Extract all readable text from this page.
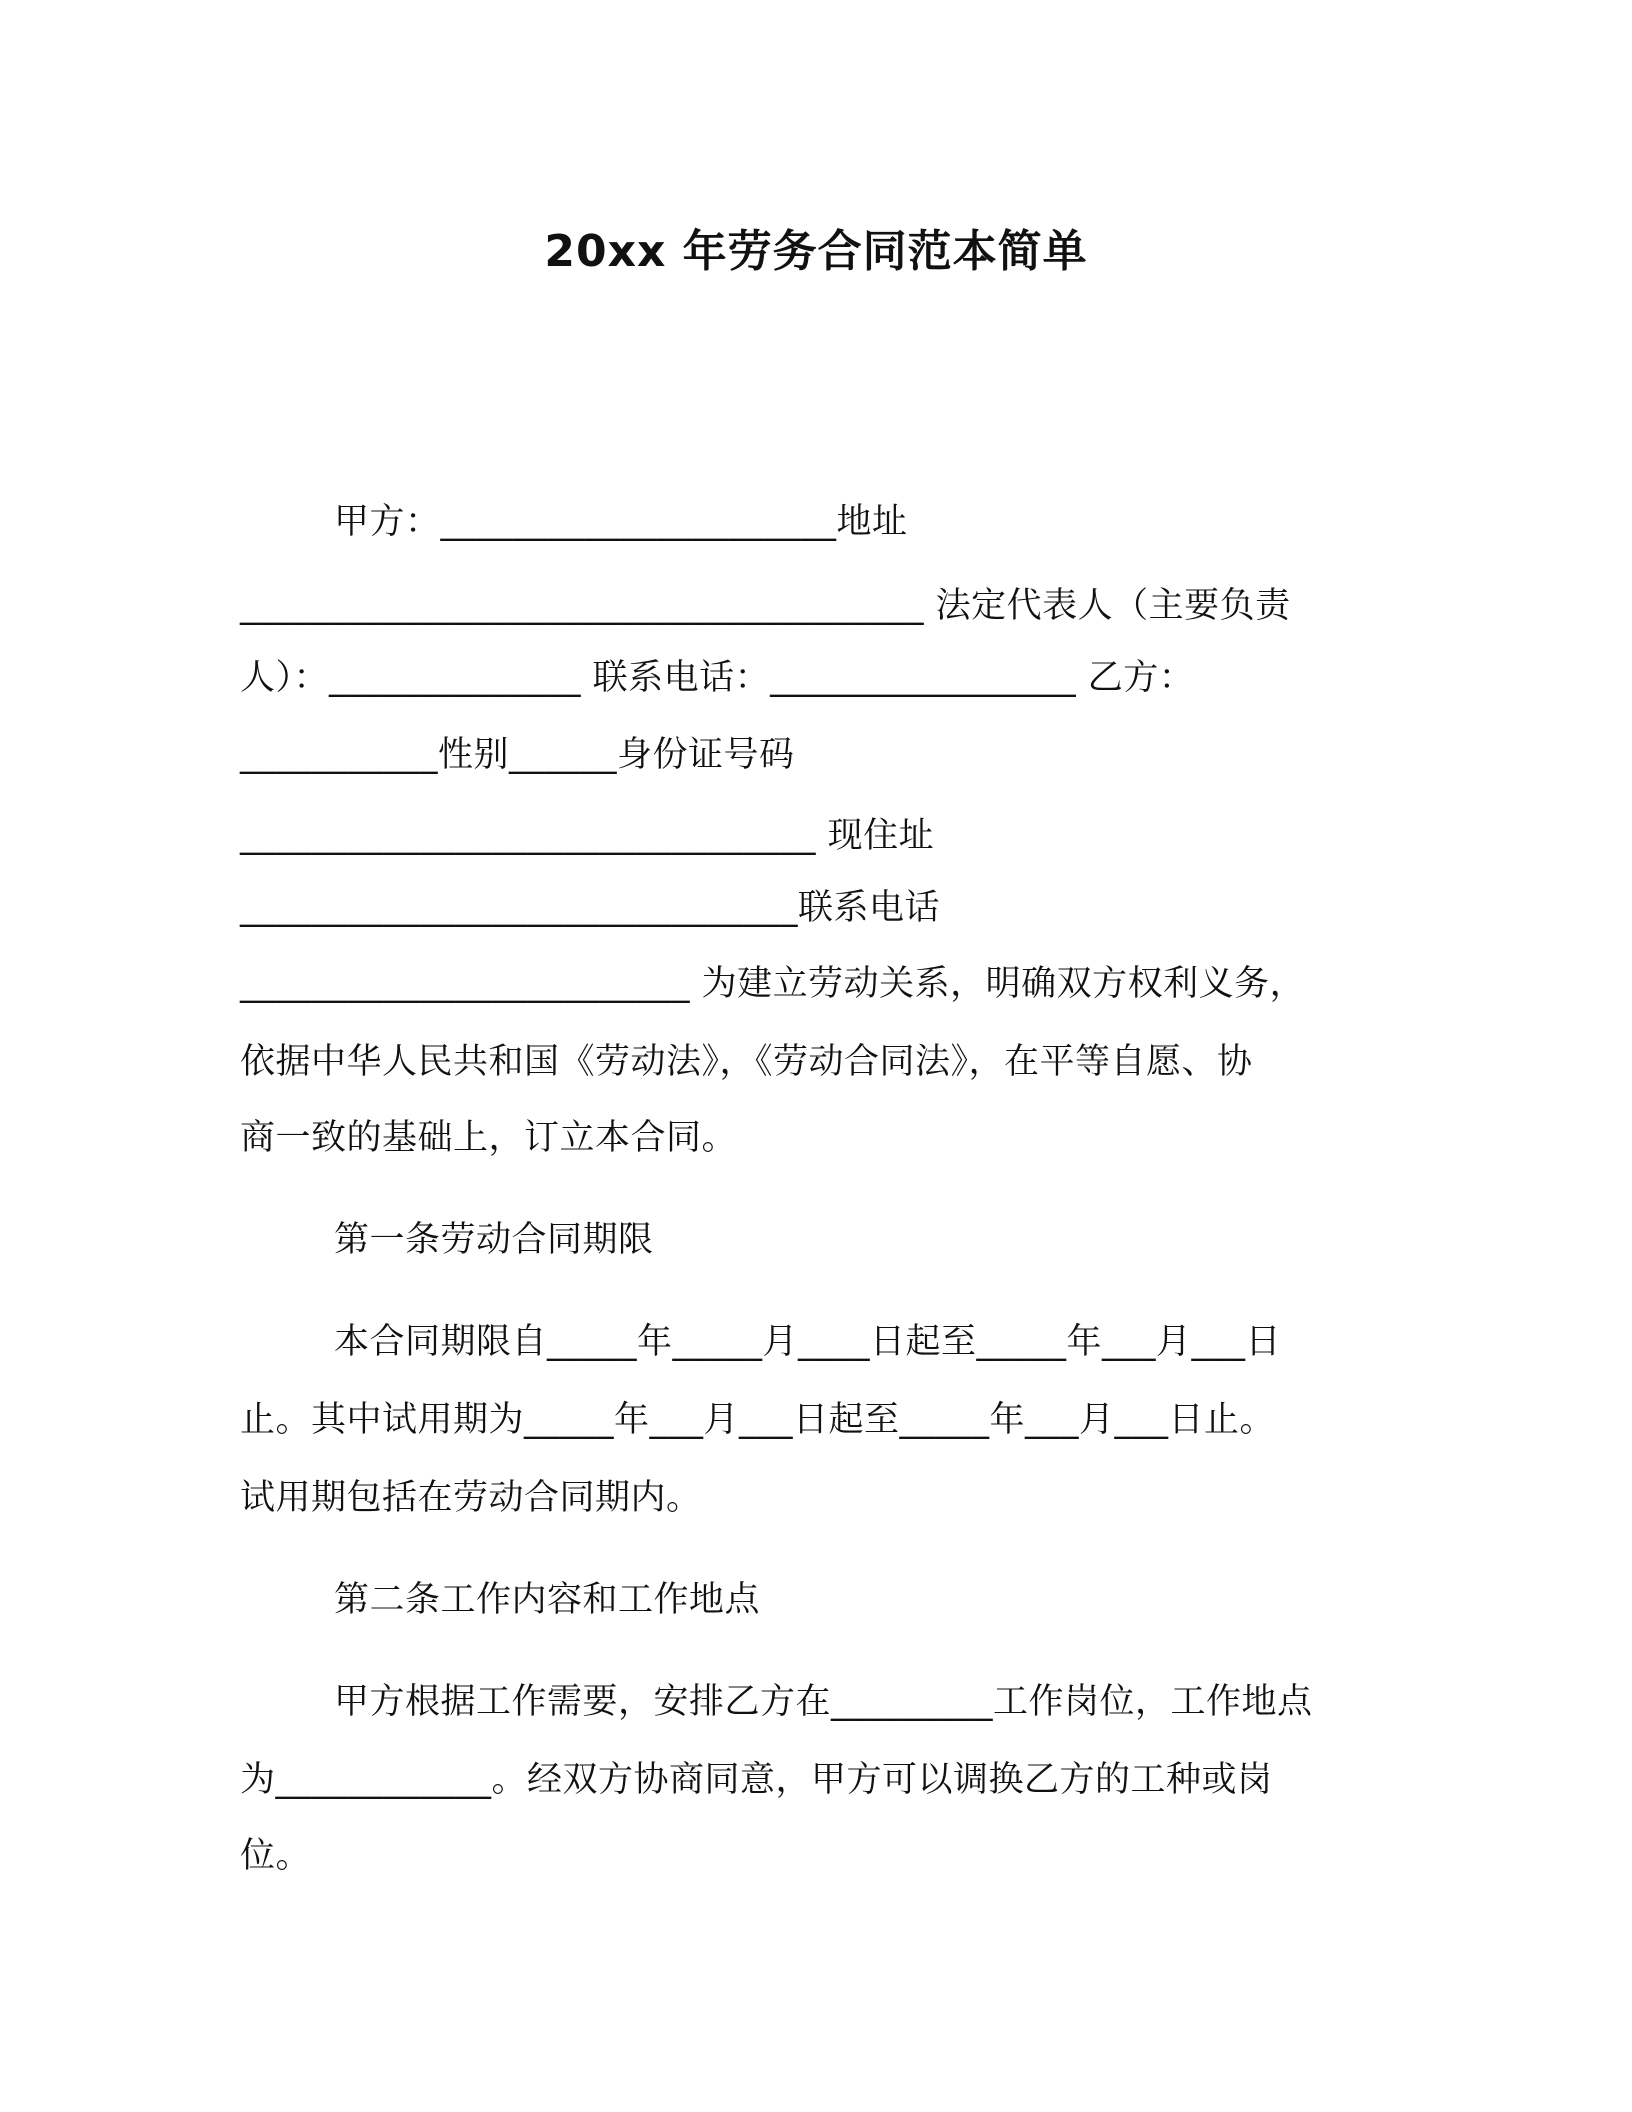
20xx 年劳务合同范本简单
甲方：______________________地址
______________________________________ 法定代表人（主要负责
人）：______________ 联系电话：_________________ 乙方：
___________性别______身份证号码
________________________________ 现住址
_______________________________联系电话
_________________________ 为建立劳动关系，明确双方权利义务，
依据中华人民共和国《劳动法》，《劳动合同法》，在平等自愿、协
商一致的基础上，订立本合同。
第一条劳动合同期限
本合同期限自_____年_____月____日起至_____年___月___日
止。其中试用期为_____年___月___日起至_____年___月___日止。
试用期包括在劳动合同期内。
第二条工作内容和工作地点
甲方根据工作需要，安排乙方在_________工作岗位，工作地点
为____________。经双方协商同意，甲方可以调换乙方的工种或岗
位。
